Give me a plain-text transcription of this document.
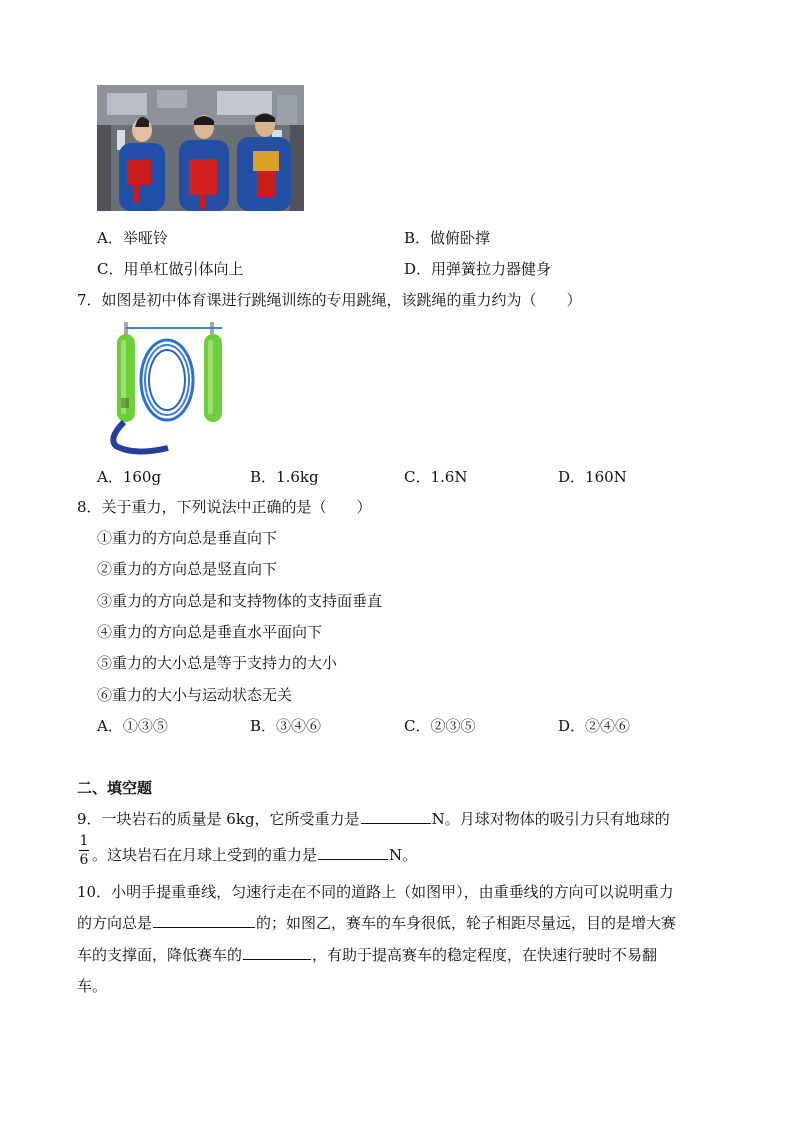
A．举哑铃	B．做俯卧撑
C．用单杠做引体向上	D．用弹簧拉力器健身
7．如图是初中体育课进行跳绳训练的专用跳绳，该跳绳的重力约为（　　）
A．160g	B．1.6kg	C．1.6N	D．160N
8．关于重力，下列说法中正确的是（　　）
①重力的方向总是垂直向下
②重力的方向总是竖直向下
③重力的方向总是和支持物体的支持面垂直
④重力的方向总是垂直水平面向下
⑤重力的大小总是等于支持力的大小
⑥重力的大小与运动状态无关
A．①③⑤	B．③④⑥	C．②③⑤	D．②④⑥
二、填空题
9．一块岩石的质量是 6kg，它所受重力是	N。月球对物体的吸引力只有地球的
1
6 。这块岩石在月球上受到的重力是	N。
10．小明手提重垂线，匀速行走在不同的道路上（如图甲），由重垂线的方向可以说明重力
的方向总是	的；如图乙，赛车的车身很低，轮子相距尽量远，目的是增大赛
车的支撑面，降低赛车的	，有助于提高赛车的稳定程度，在快速行驶时不易翻
车。
